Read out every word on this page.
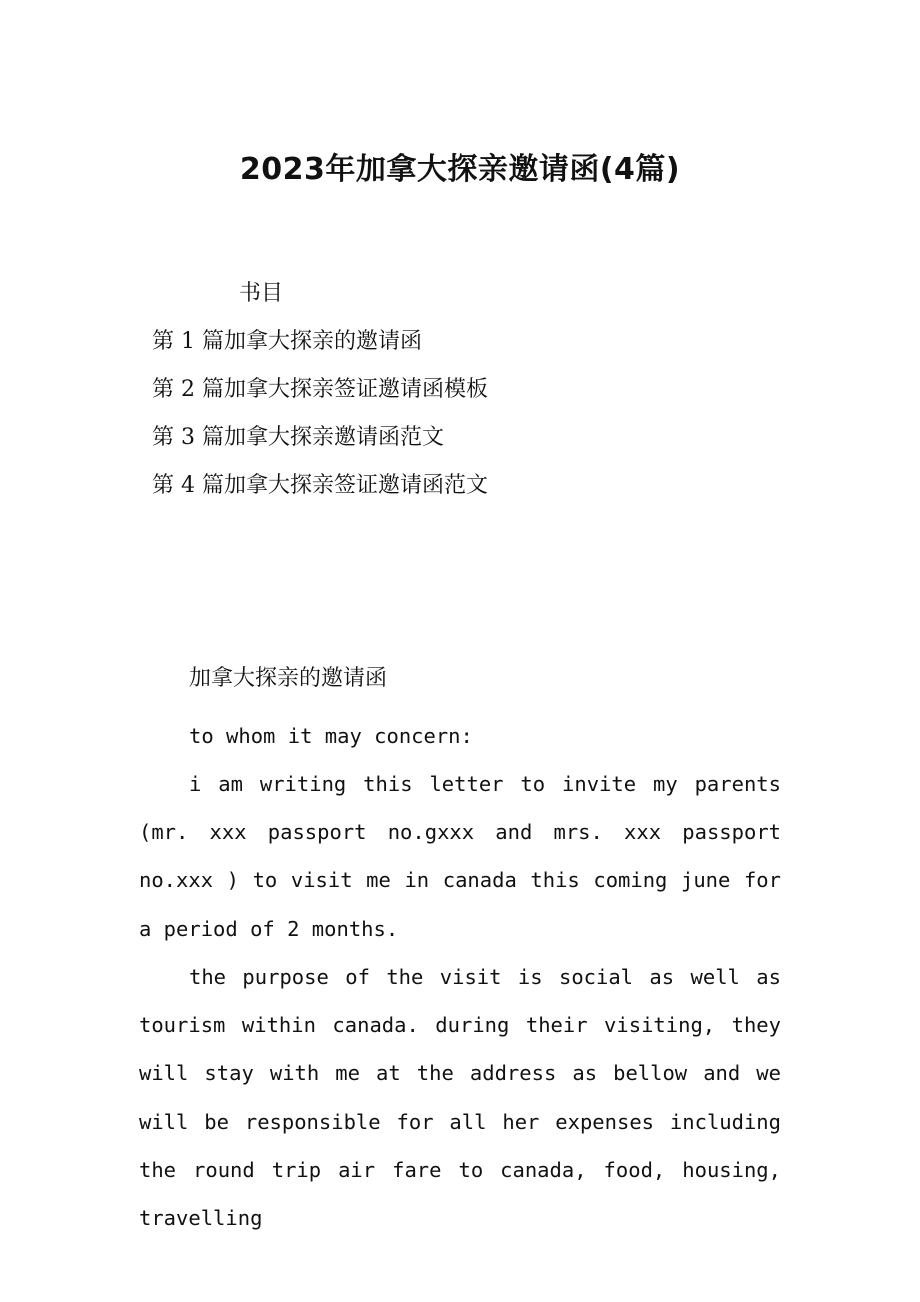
2023年加拿大探亲邀请函(4篇)
书目
第 1 篇加拿大探亲的邀请函
第 2 篇加拿大探亲签证邀请函模板
第 3 篇加拿大探亲邀请函范文
第 4 篇加拿大探亲签证邀请函范文
加拿大探亲的邀请函

to whom it may concern:

i am writing this letter to invite my parents (mr. xxx passport no.gxxx and mrs. xxx passport no.xxx ) to visit me in canada this coming june for a period of 2 months.

the purpose of the visit is social as well as tourism within canada. during their visiting, they will stay with me at the address as bellow and we will be responsible for all her expenses including the round trip air fare to canada, food, housing, travelling
